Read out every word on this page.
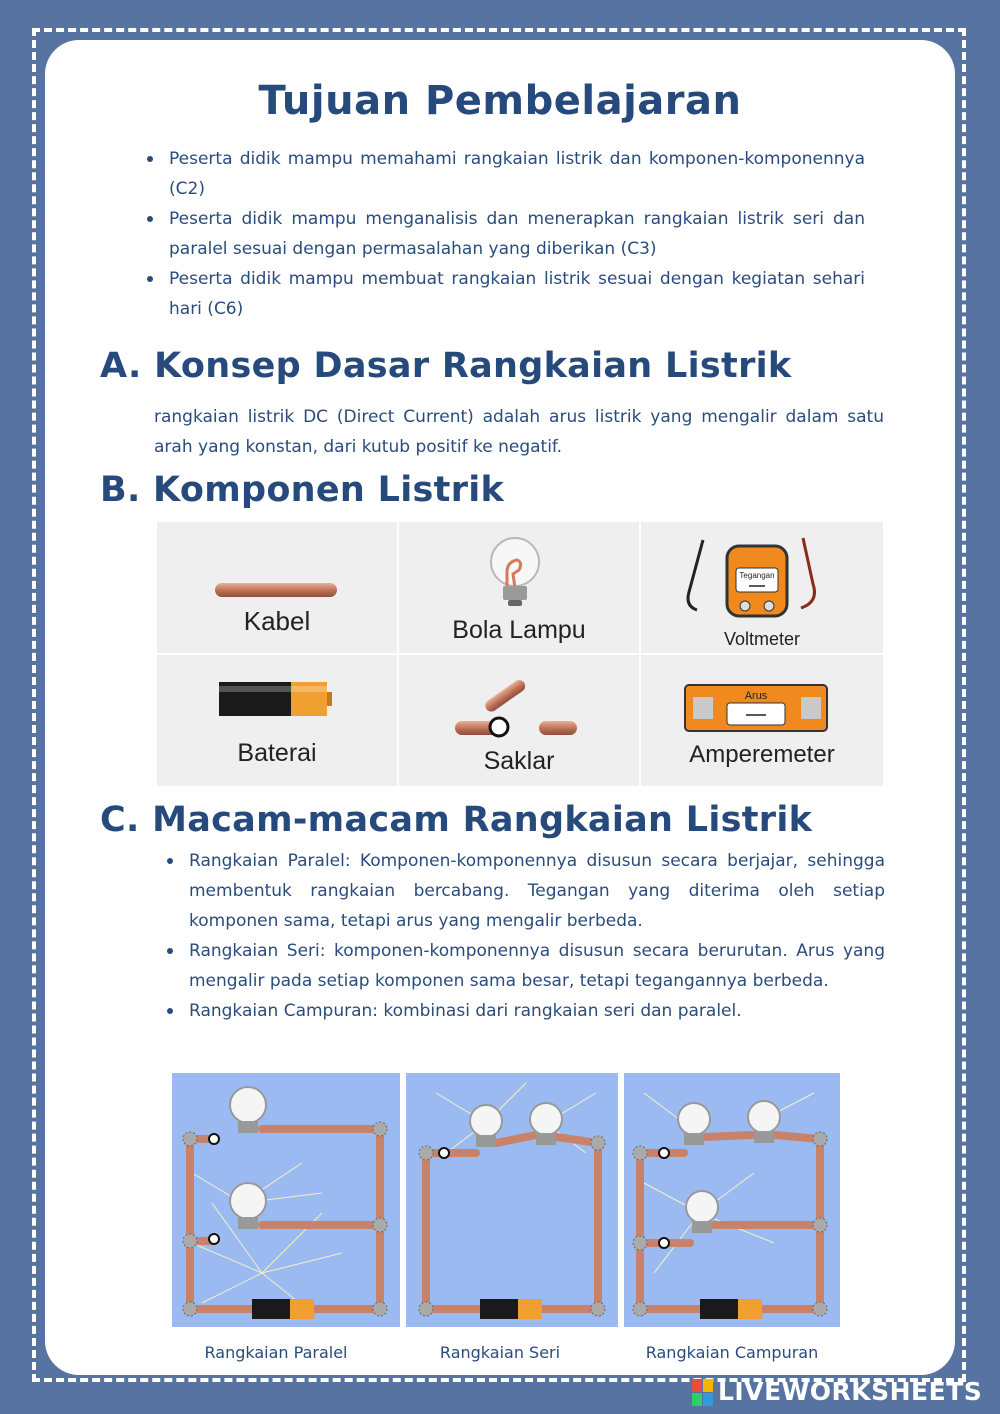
Tujuan Pembelajaran
Peserta didik mampu memahami rangkaian listrik dan komponen-komponennya (C2)
Peserta didik mampu menganalisis dan menerapkan rangkaian listrik seri dan paralel sesuai dengan permasalahan yang diberikan (C3)
Peserta didik mampu membuat rangkaian listrik sesuai dengan kegiatan sehari hari (C6)
A. Konsep Dasar Rangkaian Listrik

rangkaian listrik DC (Direct Current) adalah arus listrik yang mengalir dalam satu arah yang konstan, dari kutub positif ke negatif.

B. Komponen Listrik
Kabel	Bola Lampu
Tegangan
Voltmeter
Baterai	Saklar
Arus
Amperemeter
C. Macam-macam Rangkaian Listrik
Rangkaian Paralel: Komponen-komponennya disusun secara berjajar, sehingga membentuk rangkaian bercabang. Tegangan yang diterima oleh setiap komponen sama, tetapi arus yang mengalir berbeda.
Rangkaian Seri: komponen-komponennya disusun secara berurutan. Arus yang mengalir pada setiap komponen sama besar, tetapi tegangannya berbeda.
Rangkaian Campuran: kombinasi dari rangkaian seri dan paralel.
Rangkaian Paralel	Rangkaian Seri	Rangkaian Campuran
LIVEWORKSHEETS
